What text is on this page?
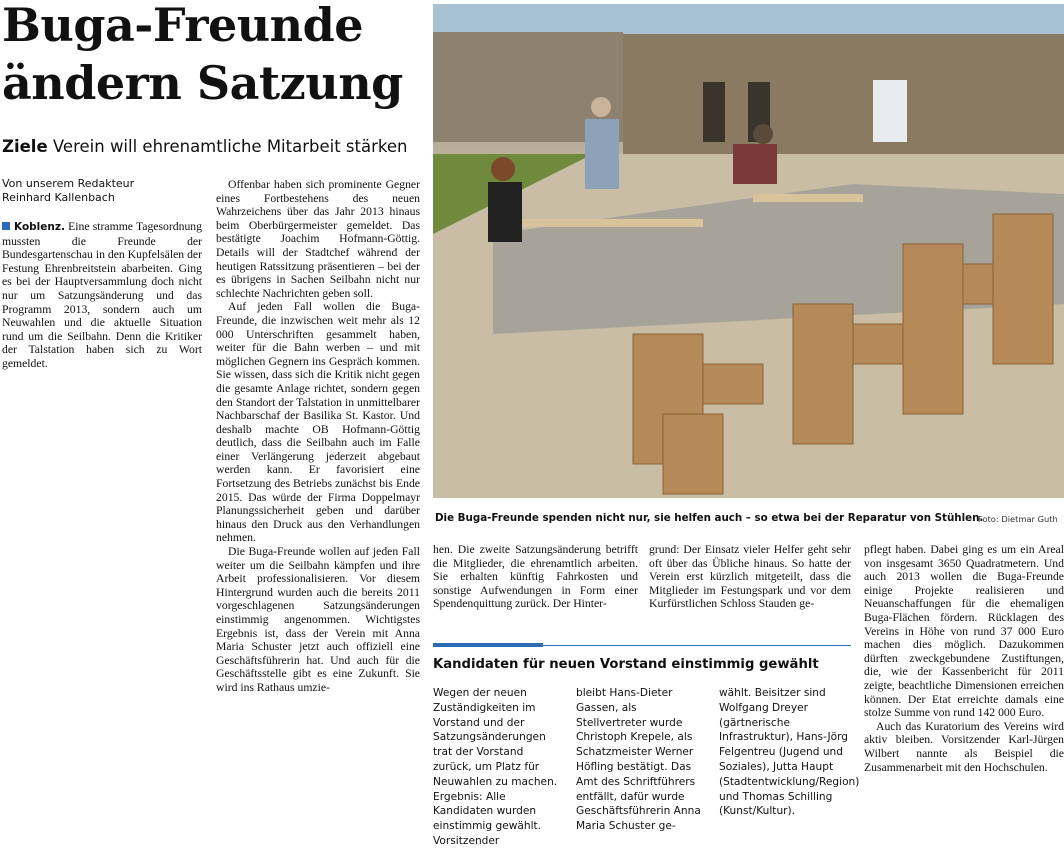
Buga-Freunde
ändern Satzung
Ziele Verein will ehrenamtliche Mitarbeit stärken
Von unserem Redakteur
Reinhard Kallenbach

Koblenz. Eine stramme Tagesordnung mussten die Freunde der Bundesgartenschau in den Kupfelsälen der Festung Ehrenbreitstein abarbeiten. Ging es bei der Hauptversammlung doch nicht nur um Satzungsänderung und das Programm 2013, sondern auch um Neuwahlen und die aktuelle Situation rund um die Seilbahn. Denn die Kritiker der Talstation haben sich zu Wort gemeldet.

Offenbar haben sich prominente Gegner eines Fortbestehens des neuen Wahrzeichens über das Jahr 2013 hinaus beim Oberbürgermeister gemeldet. Das bestätigte Joachim Hofmann-Göttig. Details will der Stadtchef während der heutigen Ratssitzung präsentieren – bei der es übrigens in Sachen Seilbahn nicht nur schlechte Nachrichten geben soll.

Auf jeden Fall wollen die Buga-Freunde, die inzwischen weit mehr als 12 000 Unterschriften gesammelt haben, weiter für die Bahn werben – und mit möglichen Gegnern ins Gespräch kommen. Sie wissen, dass sich die Kritik nicht gegen die gesamte Anlage richtet, sondern gegen den Standort der Talstation in unmittelbarer Nachbarschaf der Basilika St. Kastor. Und deshalb machte OB Hofmann-Göttig deutlich, dass die Seilbahn auch im Falle einer Verlängerung jederzeit abgebaut werden kann. Er favorisiert eine Fortsetzung des Betriebs zunächst bis Ende 2015. Das würde der Firma Doppelmayr Planungssicherheit geben und darüber hinaus den Druck aus den Verhandlungen nehmen.

Die Buga-Freunde wollen auf jeden Fall weiter um die Seilbahn kämpfen und ihre Arbeit professionalisieren. Vor diesem Hintergrund wurden auch die bereits 2011 vorgeschlagenen Satzungsänderungen einstimmig angenommen. Wichtigstes Ergebnis ist, dass der Verein mit Anna Maria Schuster jetzt auch offiziell eine Geschäftsführerin hat. Und auch für die Geschäftsstelle gibt es eine Zukunft. Sie wird ins Rathaus umzie-

Die Buga-Freunde spenden nicht nur, sie helfen auch – so etwa bei der Reparatur von Stühlen.
Foto: Dietmar Guth

hen. Die zweite Satzungsänderung betrifft die Mitglieder, die ehrenamtlich arbeiten. Sie erhalten künftig Fahrkosten und sonstige Aufwendungen in Form einer Spendenquittung zurück. Der Hinter-

grund: Der Einsatz vieler Helfer geht sehr oft über das Übliche hinaus. So hatte der Verein erst kürzlich mitgeteilt, dass die Mitglieder im Festungspark und vor dem Kurfürstlichen Schloss Stauden ge-

pflegt haben. Dabei ging es um ein Areal von insgesamt 3650 Quadratmetern. Und auch 2013 wollen die Buga-Freunde einige Projekte realisieren und Neuanschaffungen für die ehemaligen Buga-Flächen fördern. Rücklagen des Vereins in Höhe von rund 37 000 Euro machen dies möglich. Dazukommen dürften zweckgebundene Zustiftungen, die, wie der Kassenbericht für 2011 zeigte, beachtliche Dimensionen erreichen können. Der Etat erreichte damals eine stolze Summe von rund 142 000 Euro.

Auch das Kuratorium des Vereins wird aktiv bleiben. Vorsitzender Karl-Jürgen Wilbert nannte als Beispiel die Zusammenarbeit mit den Hochschulen.

Kandidaten für neuen Vorstand einstimmig gewählt

Wegen der neuen Zuständigkeiten im Vorstand und der Satzungsänderungen trat der Vorstand zurück, um Platz für Neuwahlen zu machen. Ergebnis: Alle Kandidaten wurden einstimmig gewählt. Vorsitzender

bleibt Hans-Dieter Gassen, als Stellvertreter wurde Christoph Krepele, als Schatzmeister Werner Höfling bestätigt. Das Amt des Schriftführers entfällt, dafür wurde Geschäftsführerin Anna Maria Schuster ge-

wählt. Beisitzer sind Wolfgang Dreyer (gärtnerische Infrastruktur), Hans-Jörg Felgentreu (Jugend und Soziales), Jutta Haupt (Stadtentwicklung/Region) und Thomas Schilling (Kunst/Kultur).
